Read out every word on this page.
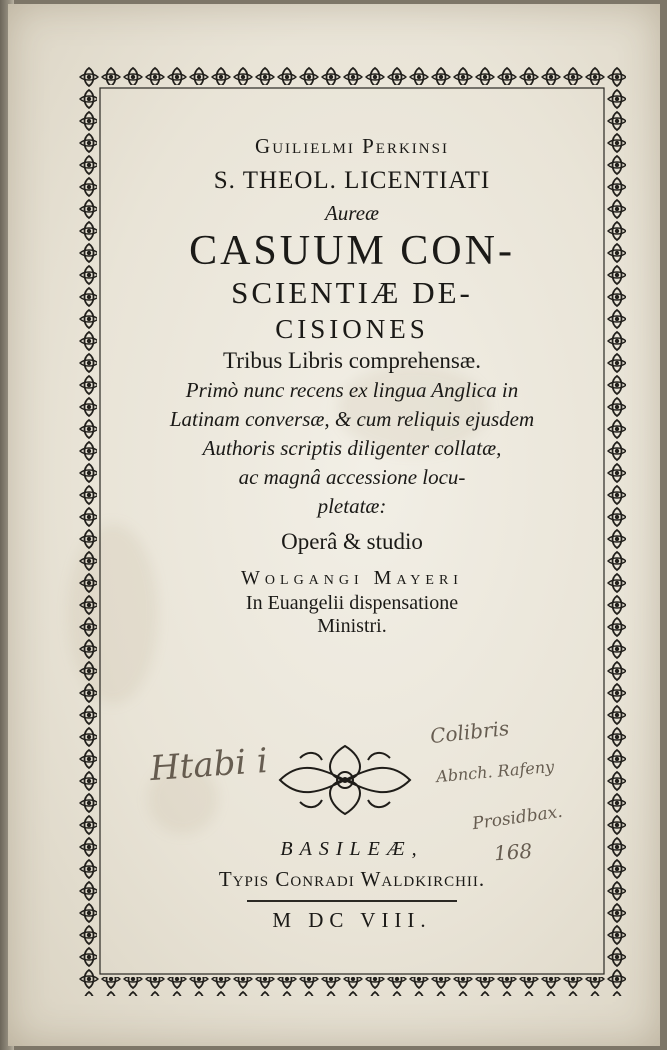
Guilielmi Perkinsi
S. THEOL. LICENTIATI
Aureæ
CASUUM CON-
SCIENTIÆ DE-
CISIONES
Tribus Libris comprehensæ.
Primò nunc recens ex lingua Anglica in
Latinam conversæ, & cum reliquis ejusdem
Authoris scriptis diligenter collatæ,
ac magnâ accessione locu-
pletatæ:
Operâ & studio
Wolgangi Mayeri
In Euangelii dispensatione
Ministri.
Htabi i
Colibris
Abnch. Rafeny
Prosidbax.
168
BASILEÆ,
Typis Conradi Waldkirchii.
M DC VIII.
